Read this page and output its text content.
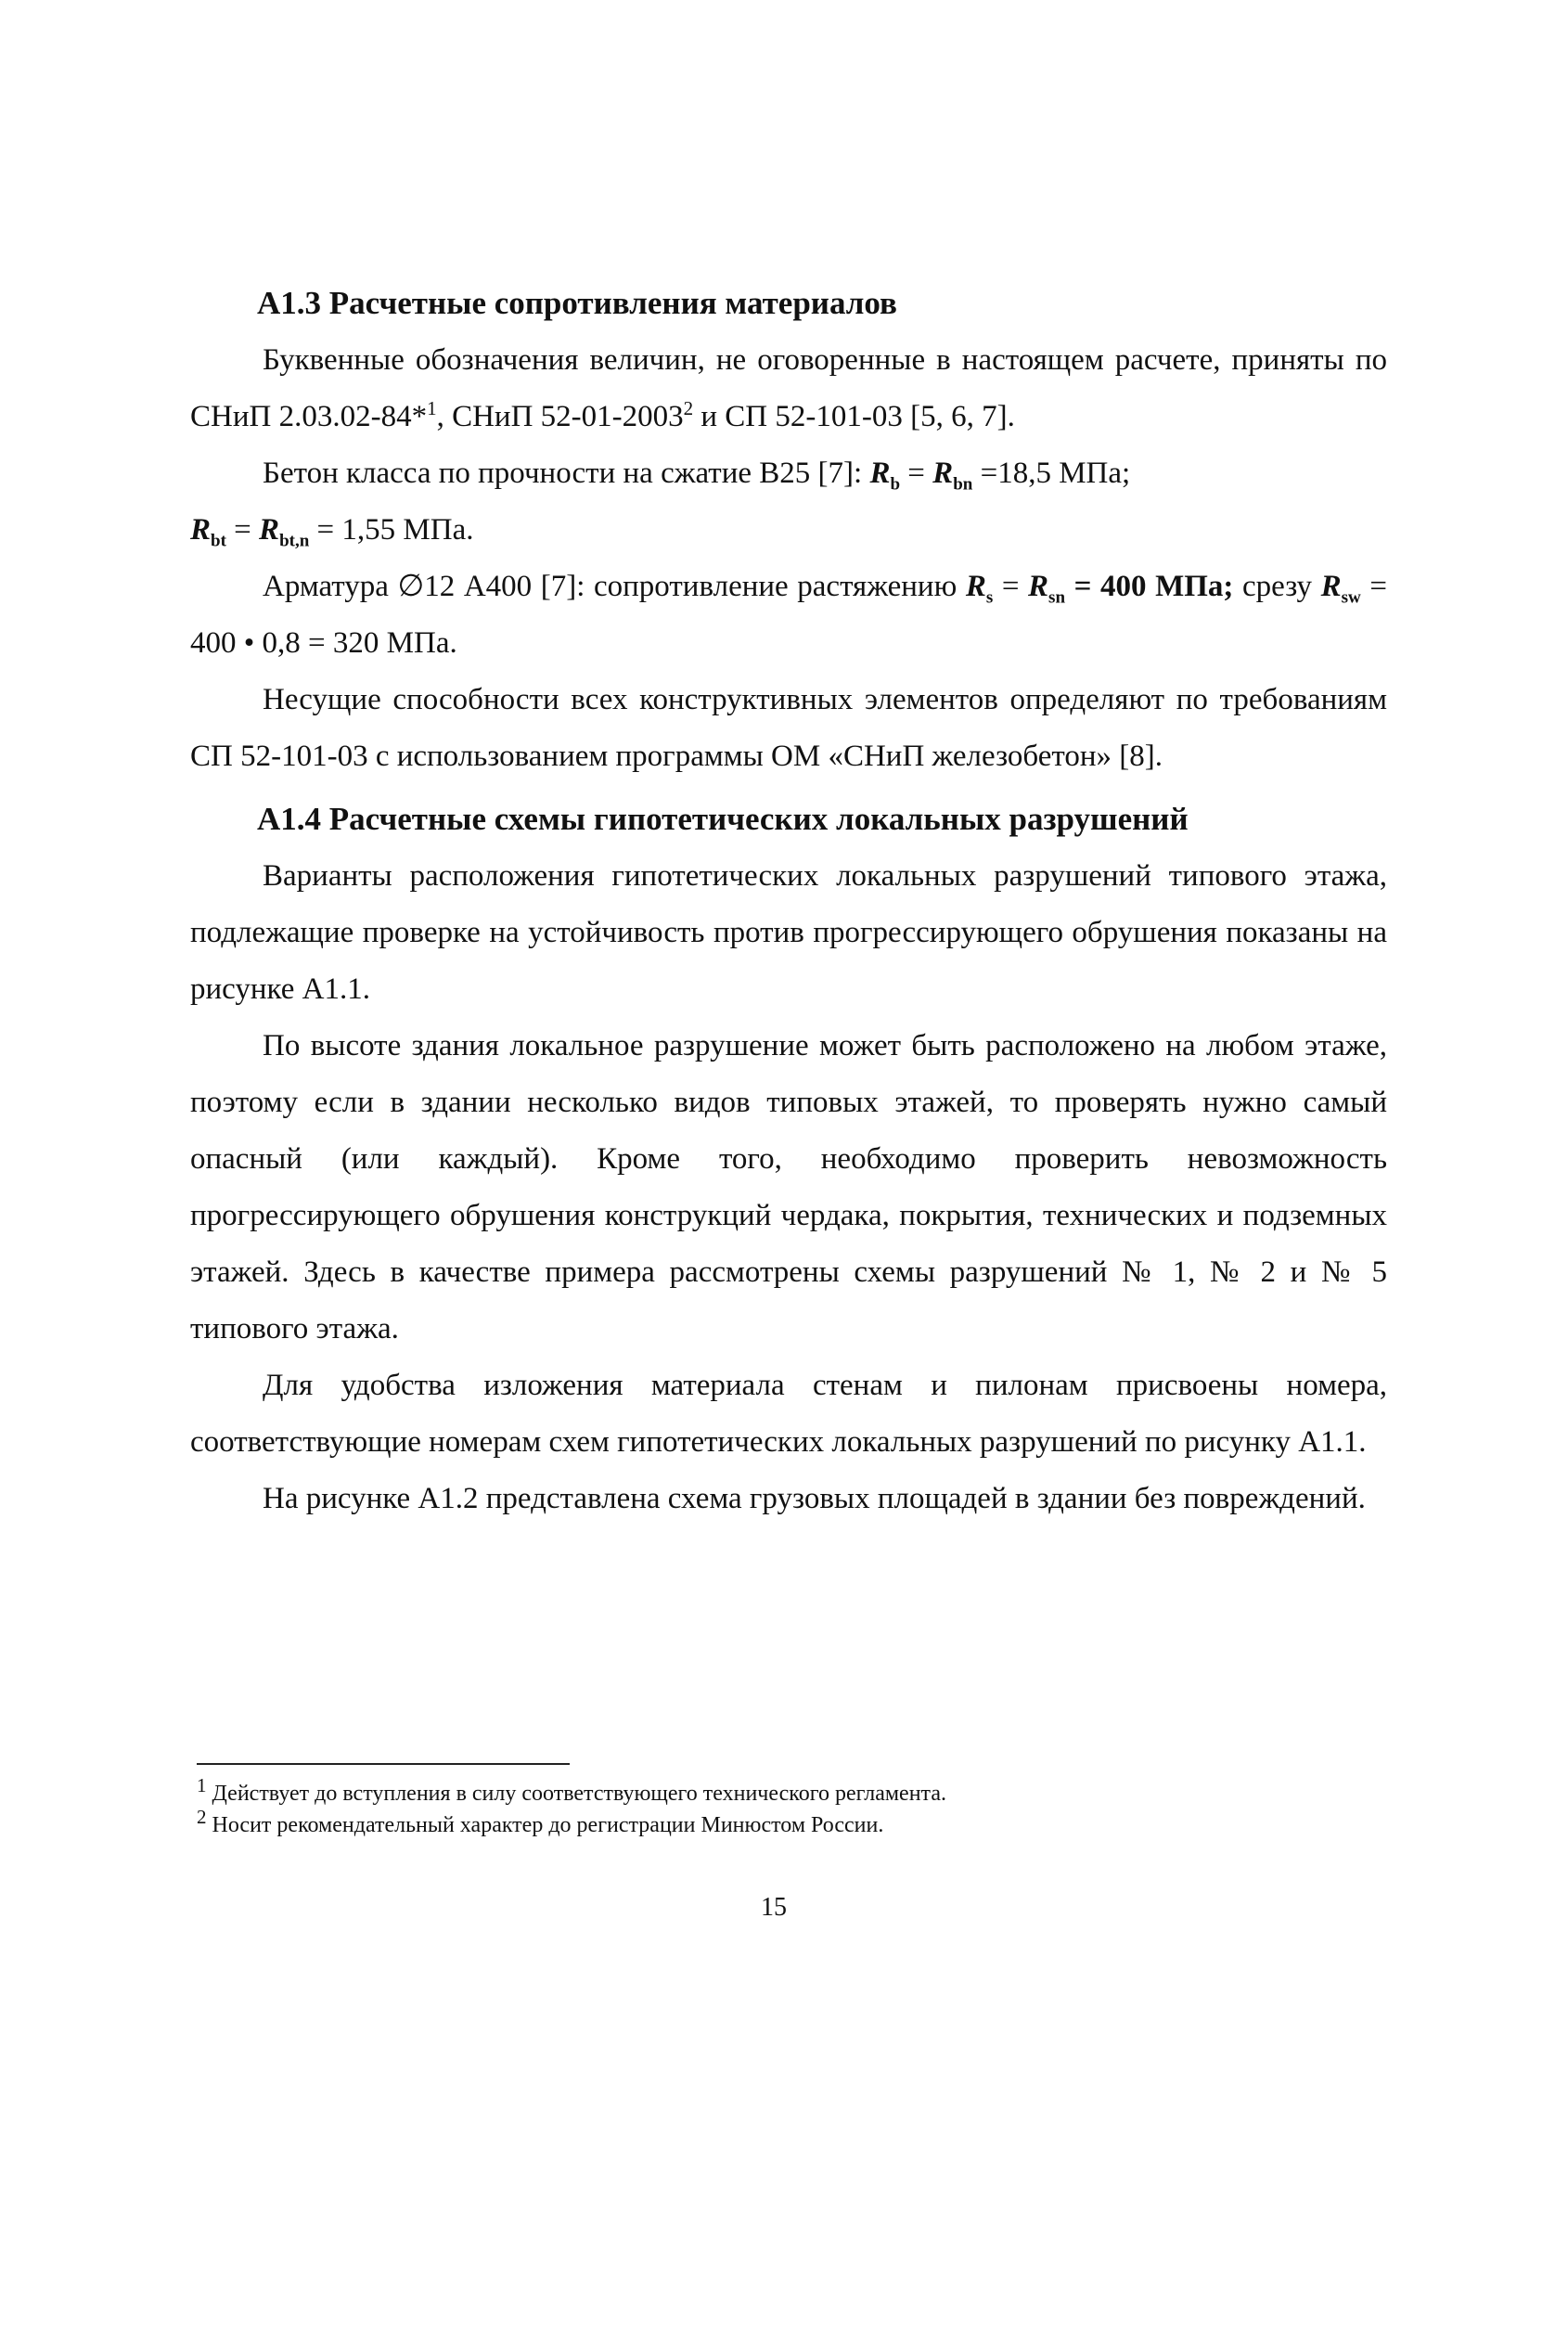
А1.3 Расчетные сопротивления материалов

Буквенные обозначения величин, не оговоренные в настоящем расчете, приняты по СНиП 2.03.02-84*$^1$, СНиП 52-01-2003$^2$ и СП 52-101-03 [5, 6, 7].

Бетон класса по прочности на сжатие В25 [7]: $R_b = R_{bn} =18,5$ МПа;
$R_{bt} = R_{bt,n} = 1,55$ МПа.

Арматура ∅12 А400 [7]: сопротивление растяжению $R_s = R_{sn} = 400$ МПа; срезу $R_{sw} = 400$ • 0,8 = 320 МПа.

Несущие способности всех конструктивных элементов определяют по требованиям СП 52-101-03 с использованием программы ОМ «СНиП железобетон» [8].

А1.4 Расчетные схемы гипотетических локальных разрушений

Варианты расположения гипотетических локальных разрушений типового этажа, подлежащие проверке на устойчивость против прогрессирующего обрушения показаны на рисунке А1.1.

По высоте здания локальное разрушение может быть расположено на любом этаже, поэтому если в здании несколько видов типовых этажей, то проверять нужно самый опасный (или каждый). Кроме того, необходимо проверить невозможность прогрессирующего обрушения конструкций чердака, покрытия, технических и подземных этажей. Здесь в качестве примера рассмотрены схемы разрушений № 1, № 2 и № 5 типового этажа.

Для удобства изложения материала стенам и пилонам присвоены номера, соответствующие номерам схем гипотетических локальных разрушений по рисунку А1.1.

На рисунке А1.2 представлена схема грузовых площадей в здании без повреждений.

$^1$ Действует до вступления в силу соответствующего технического регламента.

$^2$ Носит рекомендательный характер до регистрации Минюстом России.

15
